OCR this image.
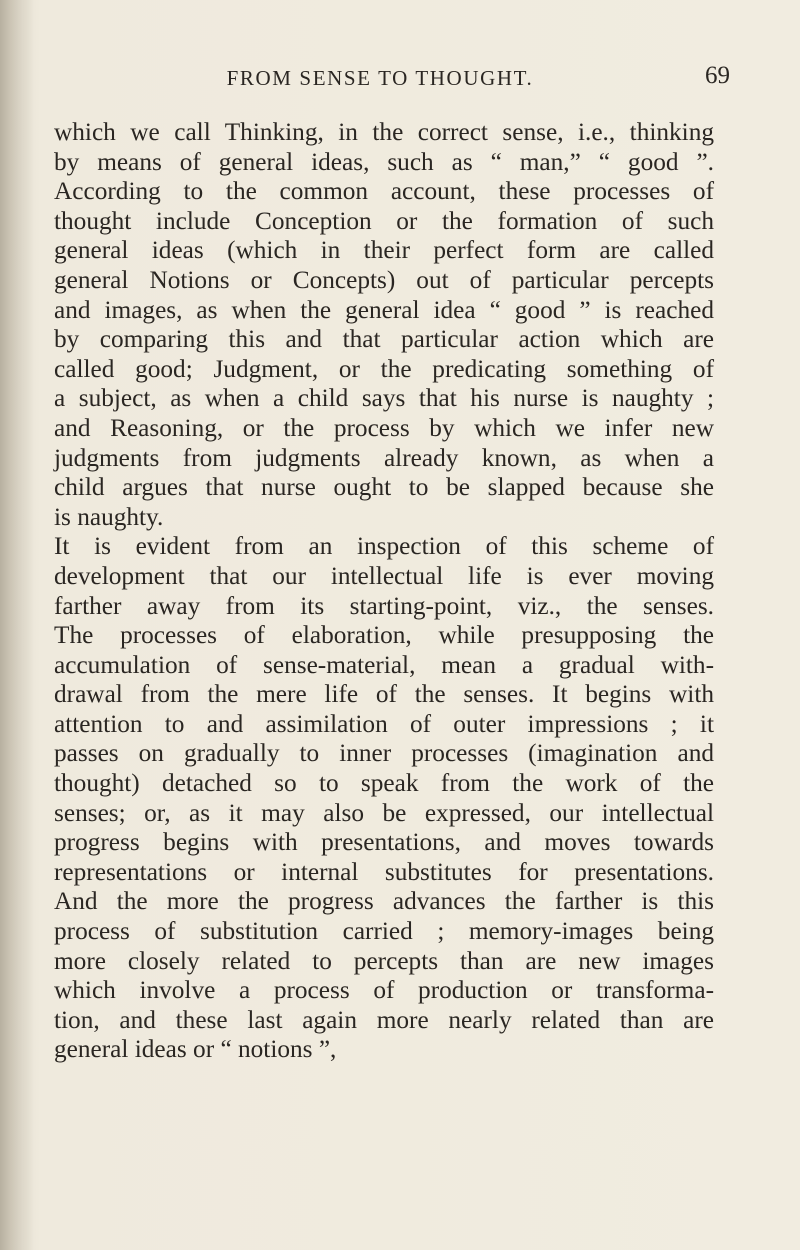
FROM SENSE TO THOUGHT.	69
which we call Thinking, in the correct sense, i.e., thinking
by means of general ideas, such as “ man,” “ good ”.
According to the common account, these processes of
thought include Conception or the formation of such
general ideas (which in their perfect form are called
general Notions or Concepts) out of particular percepts
and images, as when the general idea “ good ” is reached
by comparing this and that particular action which are
called good; Judgment, or the predicating something of
a subject, as when a child says that his nurse is naughty ;
and Reasoning, or the process by which we infer new
judgments from judgments already known, as when a
child argues that nurse ought to be slapped because she
is naughty.
It is evident from an inspection of this scheme of
development that our intellectual life is ever moving
farther away from its starting-point, viz., the senses.
The processes of elaboration, while presupposing the
accumulation of sense-material, mean a gradual with-
drawal from the mere life of the senses. It begins with
attention to and assimilation of outer impressions ; it
passes on gradually to inner processes (imagination and
thought) detached so to speak from the work of the
senses; or, as it may also be expressed, our intellectual
progress begins with presentations, and moves towards
representations or internal substitutes for presentations.
And the more the progress advances the farther is this
process of substitution carried ; memory-images being
more closely related to percepts than are new images
which involve a process of production or transforma-
tion, and these last again more nearly related than are
general ideas or “ notions ”,
